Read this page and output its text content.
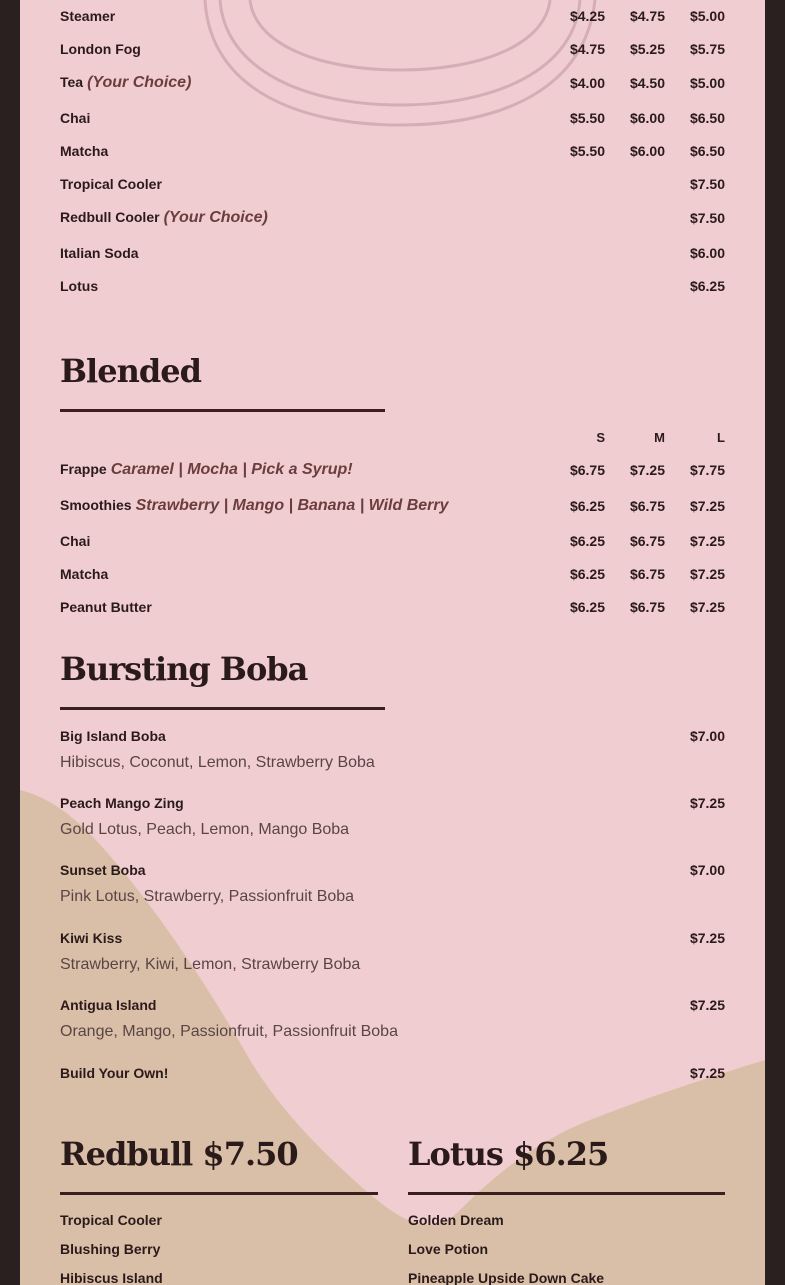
Steamer	$4.25	$4.75	$5.00
London Fog	$4.75	$5.25	$5.75
Tea (Your Choice)	$4.00	$4.50	$5.00
Chai	$5.50	$6.00	$6.50
Matcha	$5.50	$6.00	$6.50
Tropical Cooler	$7.50
Redbull Cooler (Your Choice)	$7.50
Italian Soda	$6.00
Lotus	$6.25
Blended
S	M	L
Frappe Caramel | Mocha | Pick a Syrup!	$6.75	$7.25	$7.75
Smoothies Strawberry | Mango | Banana | Wild Berry	$6.25	$6.75	$7.25
Chai	$6.25	$6.75	$7.25
Matcha	$6.25	$6.75	$7.25
Peanut Butter	$6.25	$6.75	$7.25
Bursting Boba
Big Island Boba	$7.00
Hibiscus, Coconut, Lemon, Strawberry Boba
Peach Mango Zing	$7.25
Gold Lotus, Peach, Lemon, Mango Boba
Sunset Boba	$7.00
Pink Lotus, Strawberry, Passionfruit Boba
Kiwi Kiss	$7.25
Strawberry, Kiwi, Lemon, Strawberry Boba
Antigua Island	$7.25
Orange, Mango, Passionfruit, Passionfruit Boba
Build Your Own!	$7.25
Redbull $7.50
Tropical Cooler
Blushing Berry
Hibiscus Island
Lotus $6.25
Golden Dream
Love Potion
Pineapple Upside Down Cake
